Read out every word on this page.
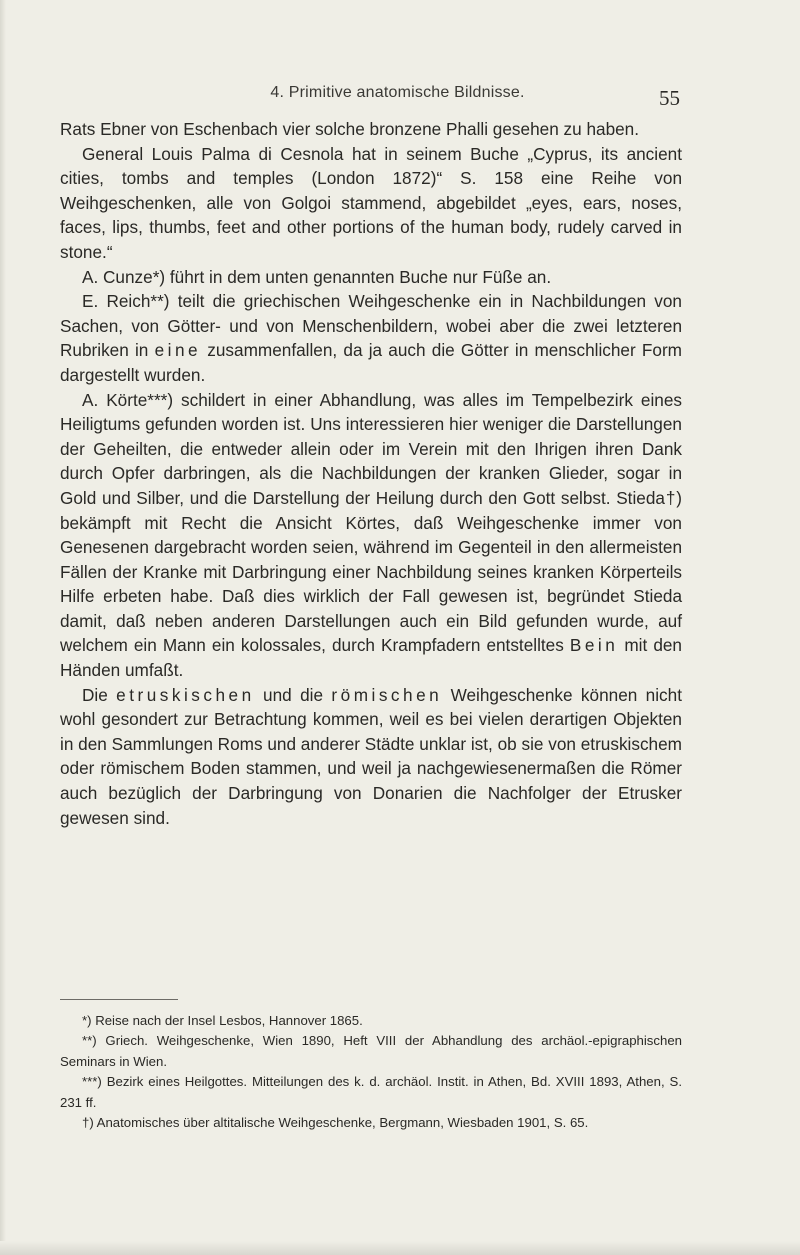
4. Primitive anatomische Bildnisse.	55

Rats Ebner von Eschenbach vier solche bronzene Phalli gesehen zu haben.

General Louis Palma di Cesnola hat in seinem Buche „Cyprus, its ancient cities, tombs and temples (London 1872)“ S. 158 eine Reihe von Weihgeschenken, alle von Golgoi stammend, abgebildet „eyes, ears, noses, faces, lips, thumbs, feet and other portions of the human body, rudely carved in stone.“

A. Cunze*) führt in dem unten genannten Buche nur Füße an.

E. Reich**) teilt die griechischen Weihgeschenke ein in Nachbildungen von Sachen, von Götter- und von Menschenbildern, wobei aber die zwei letzteren Rubriken in eine zusammenfallen, da ja auch die Götter in menschlicher Form dargestellt wurden.

A. Körte***) schildert in einer Abhandlung, was alles im Tempelbezirk eines Heiligtums gefunden worden ist. Uns interessieren hier weniger die Darstellungen der Geheilten, die entweder allein oder im Verein mit den Ihrigen ihren Dank durch Opfer darbringen, als die Nachbildungen der kranken Glieder, sogar in Gold und Silber, und die Darstellung der Heilung durch den Gott selbst. Stieda†) bekämpft mit Recht die Ansicht Körtes, daß Weihgeschenke immer von Genesenen dargebracht worden seien, während im Gegenteil in den allermeisten Fällen der Kranke mit Darbringung einer Nachbildung seines kranken Körperteils Hilfe erbeten habe. Daß dies wirklich der Fall gewesen ist, begründet Stieda damit, daß neben anderen Darstellungen auch ein Bild gefunden wurde, auf welchem ein Mann ein kolossales, durch Krampfadern entstelltes Bein mit den Händen umfaßt.

Die etruskischen und die römischen Weihgeschenke können nicht wohl gesondert zur Betrachtung kommen, weil es bei vielen derartigen Objekten in den Sammlungen Roms und anderer Städte unklar ist, ob sie von etruskischem oder römischem Boden stammen, und weil ja nachgewiesenermaßen die Römer auch bezüglich der Darbringung von Donarien die Nachfolger der Etrusker gewesen sind.

*) Reise nach der Insel Lesbos, Hannover 1865.

**) Griech. Weihgeschenke, Wien 1890, Heft VIII der Abhandlung des archäol.-epigraphischen Seminars in Wien.

***) Bezirk eines Heilgottes. Mitteilungen des k. d. archäol. Instit. in Athen, Bd. XVIII 1893, Athen, S. 231 ff.

†) Anatomisches über altitalische Weihgeschenke, Bergmann, Wiesbaden 1901, S. 65.
